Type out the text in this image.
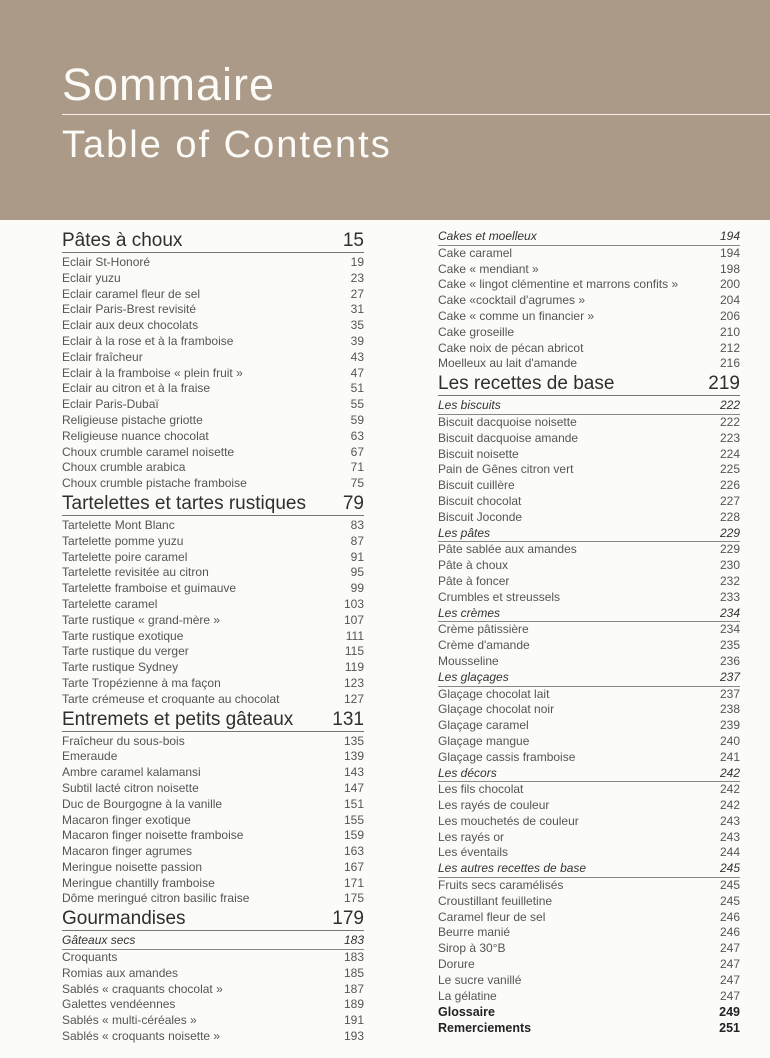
Sommaire
Table of Contents
Pâtes à choux	15
Eclair St-Honoré	19
Eclair yuzu	23
Eclair caramel fleur de sel	27
Eclair Paris-Brest revisité	31
Eclair aux deux chocolats	35
Eclair à la rose et à la framboise	39
Eclair fraîcheur	43
Eclair à la framboise « plein fruit »	47
Eclair au citron et à la fraise	51
Eclair Paris-Dubaï	55
Religieuse pistache griotte	59
Religieuse nuance chocolat	63
Choux crumble caramel noisette	67
Choux crumble arabica	71
Choux crumble pistache framboise	75
Tartelettes et tartes rustiques 79
Tartelette Mont Blanc	83
Tartelette pomme yuzu	87
Tartelette poire caramel	91
Tartelette revisitée au citron	95
Tartelette framboise et guimauve	99
Tartelette caramel	103
Tarte rustique « grand-mère »	107
Tarte rustique exotique	111
Tarte rustique du verger	115
Tarte rustique Sydney	119
Tarte Tropézienne à ma façon	123
Tarte crémeuse et croquante au chocolat	127
Entremets et petits gâteaux 131
Fraîcheur du sous-bois	135
Emeraude	139
Ambre caramel kalamansi	143
Subtil lacté citron noisette	147
Duc de Bourgogne à la vanille	151
Macaron finger exotique	155
Macaron finger noisette framboise	159
Macaron finger agrumes	163
Meringue noisette passion	167
Meringue chantilly framboise	171
Dôme meringué citron basilic fraise	175
Gourmandises	179
Gâteaux secs	183
Croquants	183
Romias aux amandes	185
Sablés « craquants chocolat »	187
Galettes vendéennes	189
Sablés « multi-céréales »	191
Sablés « croquants noisette »	193
Cakes et moelleux	194
Cake caramel	194
Cake « mendiant »	198
Cake « lingot clémentine et marrons confits »	200
Cake «cocktail d'agrumes »	204
Cake « comme un financier »	206
Cake groseille	210
Cake noix de pécan abricot	212
Moelleux au lait d'amande	216
Les recettes de base	219
Les biscuits	222
Biscuit dacquoise noisette	222
Biscuit dacquoise amande	223
Biscuit noisette	224
Pain de Gênes citron vert	225
Biscuit cuillère	226
Biscuit chocolat	227
Biscuit Joconde	228
Les pâtes	229
Pâte sablée aux amandes	229
Pâte à choux	230
Pâte à foncer	232
Crumbles et streussels	233
Les crèmes	234
Crème pâtissière	234
Crème d'amande	235
Mousseline	236
Les glaçages	237
Glaçage chocolat lait	237
Glaçage chocolat noir	238
Glaçage caramel	239
Glaçage mangue	240
Glaçage cassis framboise	241
Les décors	242
Les fils chocolat	242
Les rayés de couleur	242
Les mouchetés de couleur	243
Les rayés or	243
Les éventails	244
Les autres recettes de base	245
Fruits secs caramélisés	245
Croustillant feuilletine	245
Caramel fleur de sel	246
Beurre manié	246
Sirop à 30°B	247
Dorure	247
Le sucre vanillé	247
La gélatine	247
Glossaire	249
Remerciements	251
